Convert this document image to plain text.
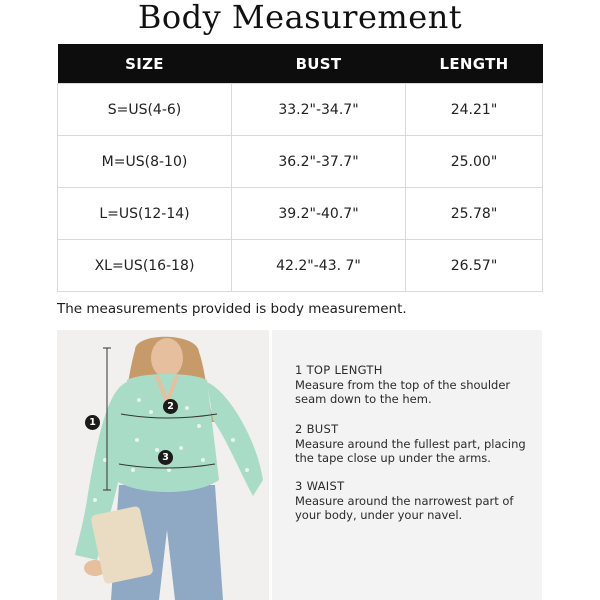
Body Measurement
SIZE	BUST	LENGTH
S=US(4-6)	33.2"-34.7"	24.21"
M=US(8-10)	36.2"-37.7"	25.00"
L=US(12-14)	39.2"-40.7"	25.78"
XL=US(16-18)	42.2"-43. 7"	26.57"
The measurements provided is body measurement.
1
2
3
1 TOP LENGTH
Measure from the top of the shoulder seam down to the hem.
2 BUST
Measure around the fullest part, placing the tape close up under the arms.
3 WAIST
Measure around the narrowest part of your body, under your navel.
